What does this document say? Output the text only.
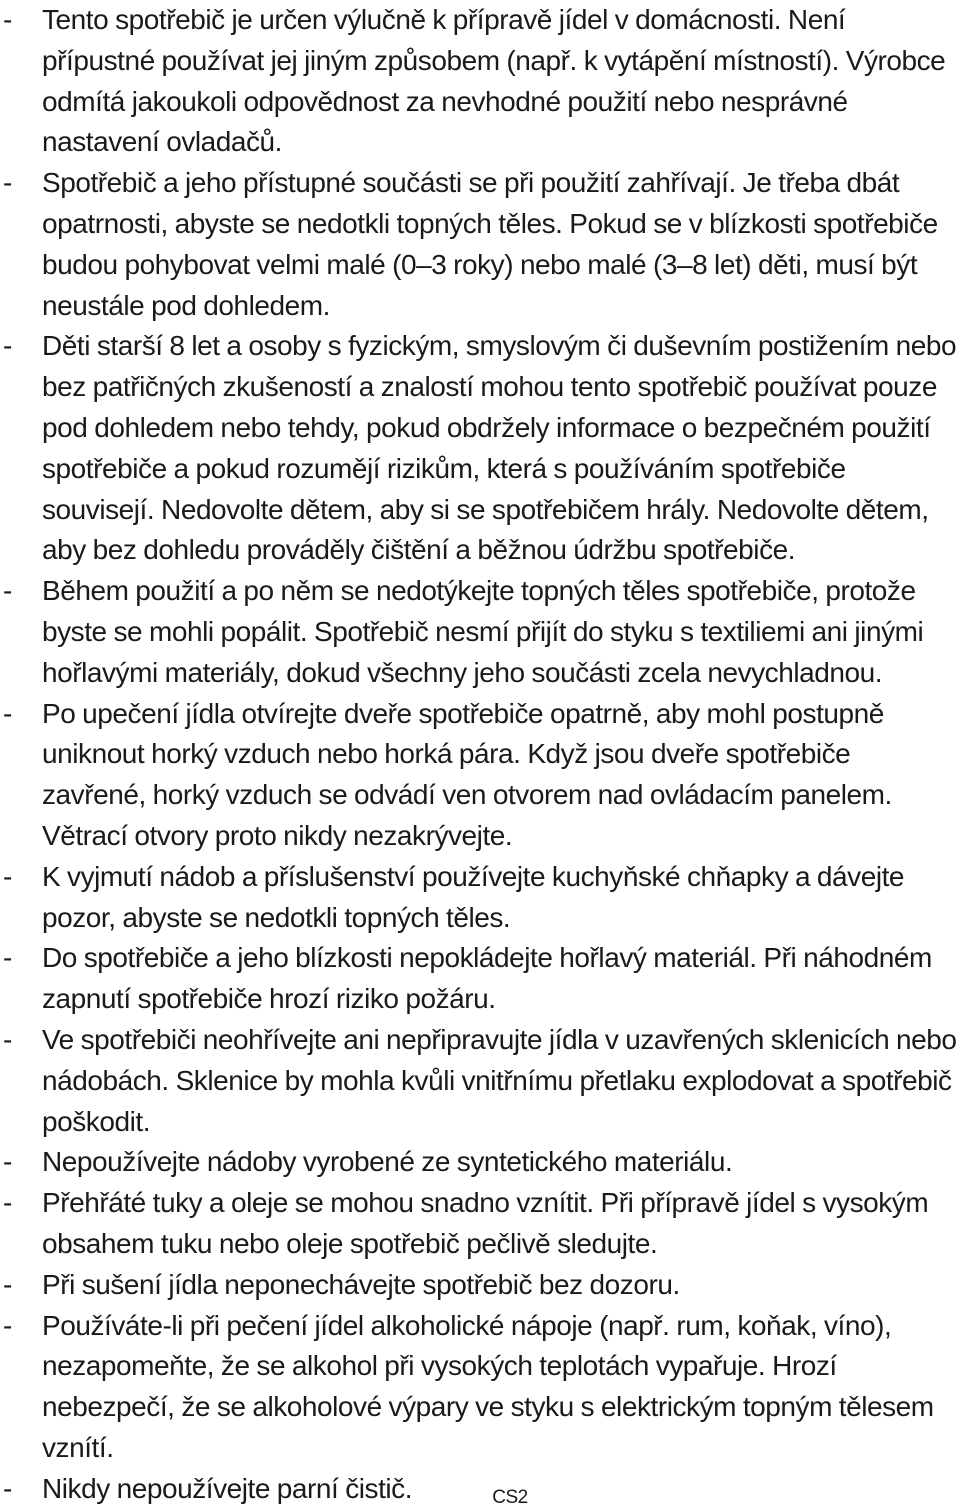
- Tento spotřebič je určen výlučně k přípravě jídel v domácnosti. Není přípustné používat jej jiným způsobem (např. k vytápění místností). Výrobce odmítá jakoukoli odpovědnost za nevhodné použití nebo nesprávné nastavení ovladačů.
- Spotřebič a jeho přístupné součásti se při použití zahřívají. Je třeba dbát opatrnosti, abyste se nedotkli topných těles. Pokud se v blízkosti spotřebiče budou pohybovat velmi malé (0–3 roky) nebo malé (3–8 let) děti, musí být neustále pod dohledem.
- Děti starší 8 let a osoby s fyzickým, smyslovým či duševním postižením nebo bez patřičných zkušeností a znalostí mohou tento spotřebič používat pouze pod dohledem nebo tehdy, pokud obdržely informace o bezpečném použití spotřebiče a pokud rozumějí rizikům, která s používáním spotřebiče souvisejí. Nedovolte dětem, aby si se spotřebičem hrály. Nedovolte dětem, aby bez dohledu prováděly čištění a běžnou údržbu spotřebiče.
- Během použití a po něm se nedotýkejte topných těles spotřebiče, protože byste se mohli popálit. Spotřebič nesmí přijít do styku s textiliemi ani jinými hořlavými materiály, dokud všechny jeho součásti zcela nevychladnou.
- Po upečení jídla otvírejte dveře spotřebiče opatrně, aby mohl postupně uniknout horký vzduch nebo horká pára. Když jsou dveře spotřebiče zavřené, horký vzduch se odvádí ven otvorem nad ovládacím panelem. Větrací otvory proto nikdy nezakrývejte.
- K vyjmutí nádob a příslušenství používejte kuchyňské chňapky a dávejte pozor, abyste se nedotkli topných těles.
- Do spotřebiče a jeho blízkosti nepokládejte hořlavý materiál. Při náhodném zapnutí spotřebiče hrozí riziko požáru.
- Ve spotřebiči neohřívejte ani nepřipravujte jídla v uzavřených sklenicích nebo nádobách. Sklenice by mohla kvůli vnitřnímu přetlaku explodovat a spotřebič poškodit.
- Nepoužívejte nádoby vyrobené ze syntetického materiálu.
- Přehřáté tuky a oleje se mohou snadno vznítit. Při přípravě jídel s vysokým obsahem tuku nebo oleje spotřebič pečlivě sledujte.
- Při sušení jídla neponechávejte spotřebič bez dozoru.
- Používáte-li při pečení jídel alkoholické nápoje (např. rum, koňak, víno), nezapomeňte, že se alkohol při vysokých teplotách vypařuje. Hrozí nebezpečí, že se alkoholové výpary ve styku s elektrickým topným tělesem vznítí.
- Nikdy nepoužívejte parní čistič.	CS2
